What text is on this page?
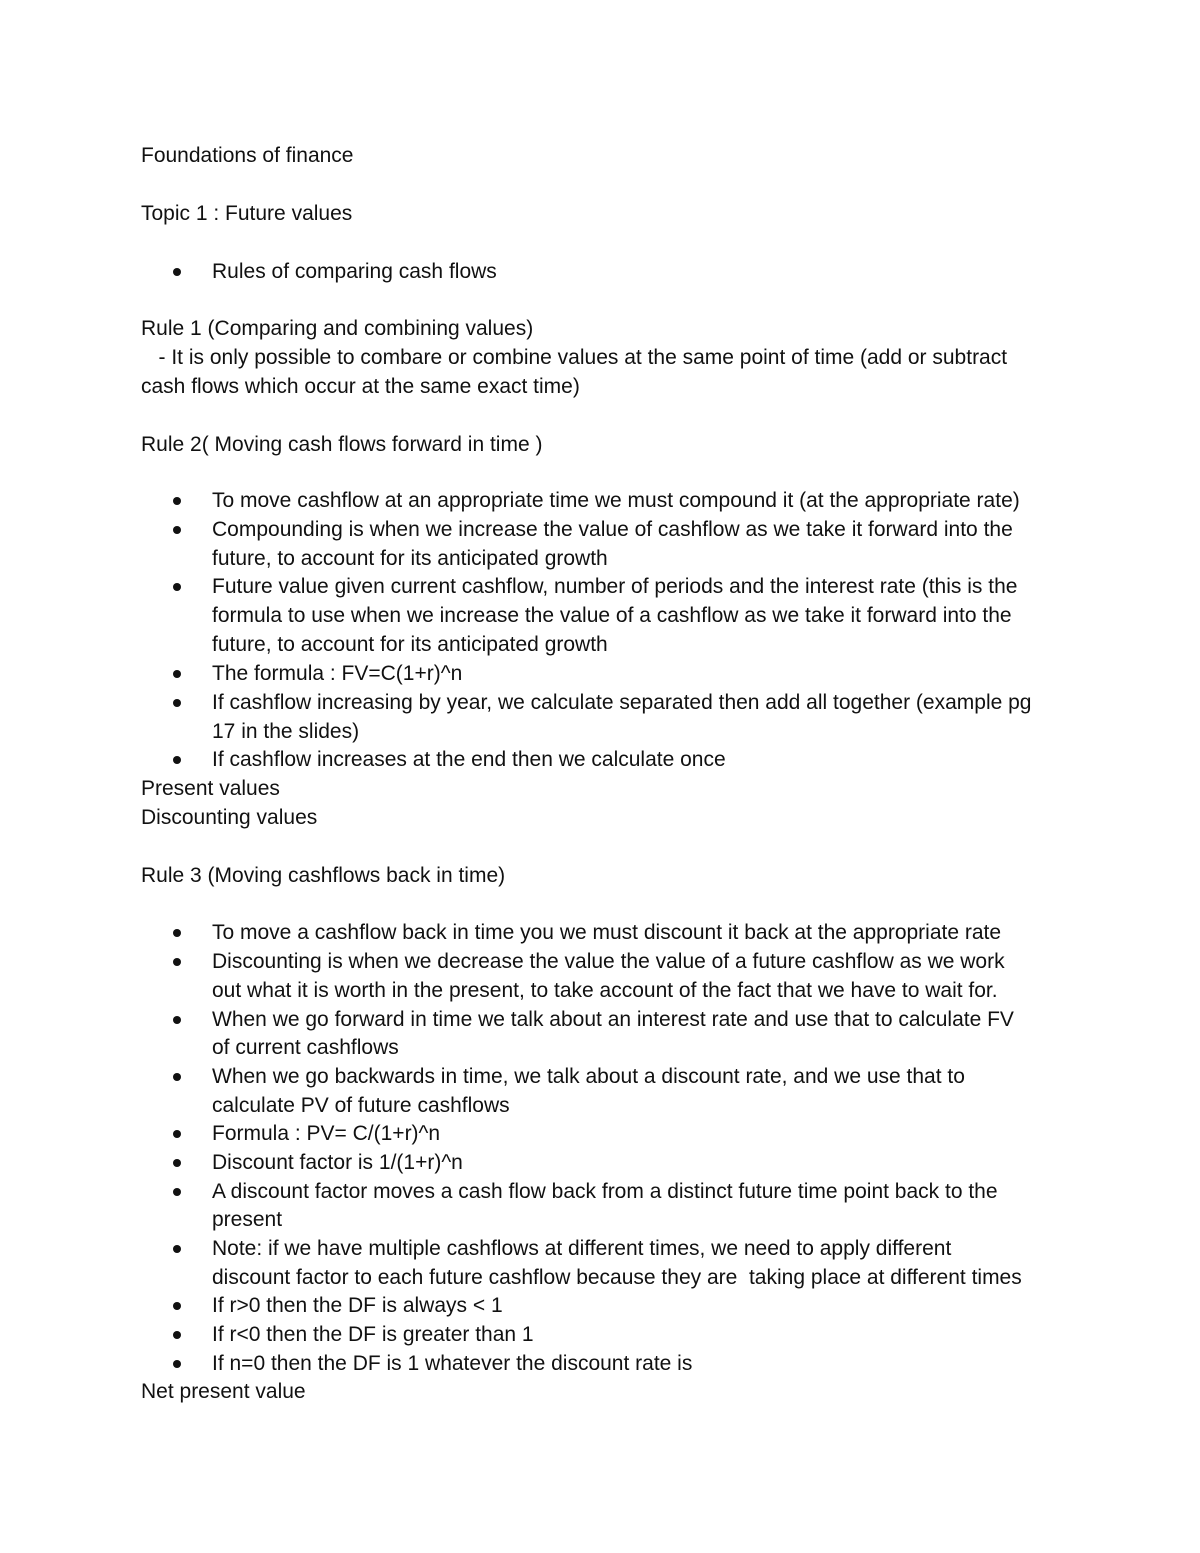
Foundations of finance
Topic 1 : Future values
Rules of comparing cash flows
Rule 1 (Comparing and combining values)
- It is only possible to combare or combine values at the same point of time (add or subtract
cash flows which occur at the same exact time)
Rule 2( Moving cash flows forward in time )
To move cashflow at an appropriate time we must compound it (at the appropriate rate)
Compounding is when we increase the value of cashflow as we take it forward into the
future, to account for its anticipated growth
Future value given current cashflow, number of periods and the interest rate (this is the
formula to use when we increase the value of a cashflow as we take it forward into the
future, to account for its anticipated growth
The formula : FV=C(1+r)^n
If cashflow increasing by year, we calculate separated then add all together (example pg
17 in the slides)
If cashflow increases at the end then we calculate once
Present values
Discounting values
Rule 3 (Moving cashflows back in time)
To move a cashflow back in time you we must discount it back at the appropriate rate
Discounting is when we decrease the value the value of a future cashflow as we work
out what it is worth in the present, to take account of the fact that we have to wait for.
When we go forward in time we talk about an interest rate and use that to calculate FV
of current cashflows
When we go backwards in time, we talk about a discount rate, and we use that to
calculate PV of future cashflows
Formula : PV= C/(1+r)^n
Discount factor is 1/(1+r)^n
A discount factor moves a cash flow back from a distinct future time point back to the
present
Note: if we have multiple cashflows at different times, we need to apply different
discount factor to each future cashflow because they are  taking place at different times
If r>0 then the DF is always < 1
If r<0 then the DF is greater than 1
If n=0 then the DF is 1 whatever the discount rate is
Net present value
